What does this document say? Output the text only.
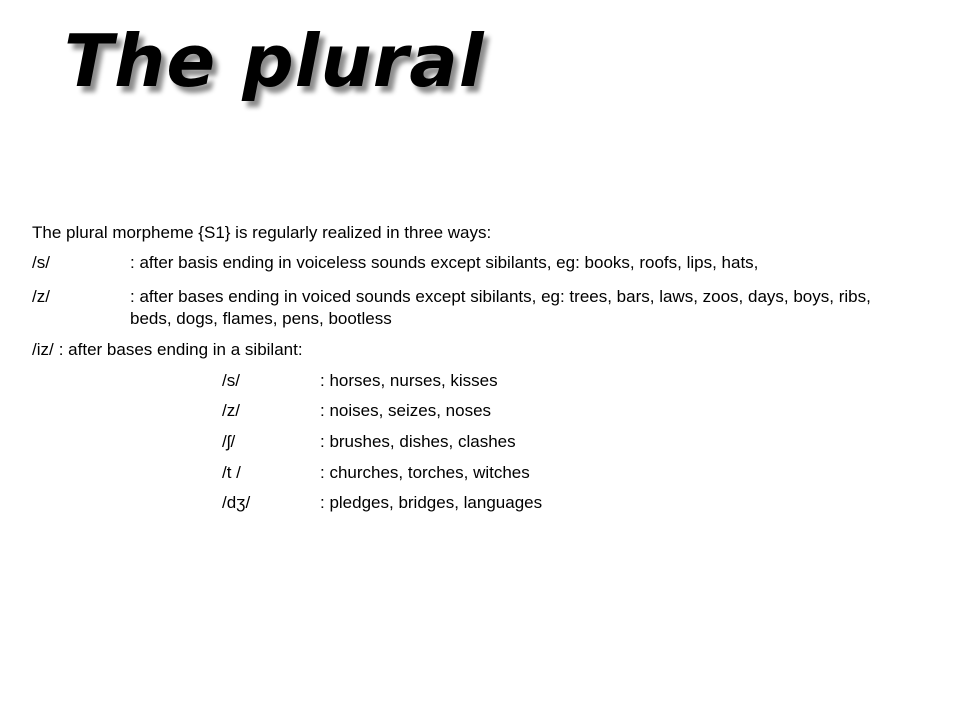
The plural
The plural morpheme {S1} is regularly realized in three ways:
/s/	: after basis ending in voiceless sounds except sibilants, eg: books, roofs, lips, hats,
/z/	: after bases ending in voiced sounds except sibilants, eg: trees, bars, laws, zoos, days, boys, ribs, beds, dogs, flames, pens, bootless
/iz/ : after bases ending in a sibilant:
/s/	: horses, nurses, kisses
/z/	: noises, seizes, noses
/ʃ/	: brushes, dishes, clashes
/t /	: churches, torches, witches
/dʒ/	: pledges, bridges, languages
